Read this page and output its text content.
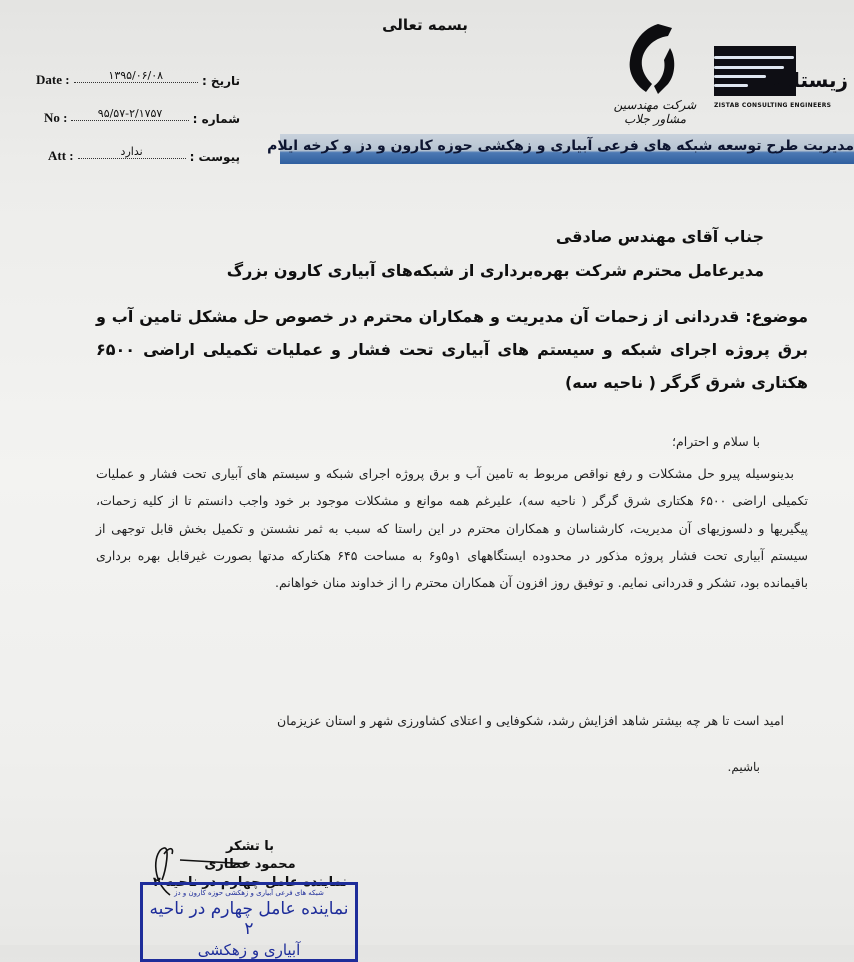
بسمه تعالی
Date :	۱۳۹۵/۰۶/۰۸	تاریخ :
No :	۹۵/۵۷-۲/۱۷۵۷	شماره :
Att :	ندارد	پیوست :
شرکت مهندسین مشاور جلاب
زیستاب
ZISTAB CONSULTING ENGINEERS
مدیریت طرح توسعه شبکه های فرعی آبیاری و زهکشی حوزه کارون و دز و کرخه ایلام
جناب آقای مهندس صادقی
مدیرعامل محترم شرکت بهره‌برداری از شبکه‌های آبیاری کارون بزرگ
موضوع: قدردانی از زحمات آن مدیریت و همکاران محترم در خصوص حل مشکل تامین آب و برق پروژه اجرای شبکه و سیستم های آبیاری تحت فشار و عملیات تکمیلی اراضی ۶۵۰۰ هکتاری شرق گرگر ( ناحیه سه)
با سلام و احترام؛

بدینوسیله پیرو حل مشکلات و رفع نواقص مربوط به تامین آب و برق پروژه اجرای شبکه و سیستم های آبیاری تحت فشار و عملیات تکمیلی اراضی ۶۵۰۰ هکتاری شرق گرگر ( ناحیه سه)، علیرغم همه موانع و مشکلات موجود بر خود واجب دانستم تا از کلیه زحمات، پیگیریها و دلسوزیهای آن مدیریت، کارشناسان و همکاران محترم در این راستا که سبب به ثمر نشستن و تکمیل بخش قابل توجهی از سیستم آبیاری تحت فشار پروژه مذکور در محدوده ایستگاههای ۱و۵و۶ به مساحت ۶۴۵ هکتارکه مدتها بصورت غیرقابل بهره برداری باقیمانده بود، تشکر و قدردانی نمایم. و توفیق روز افزون آن همکاران محترم را از خداوند منان خواهانم.

امید است تا هر چه بیشتر شاهد افزایش رشد، شکوفایی و اعتلای کشاورزی شهر و استان عزیزمان
باشیم.
با تشکر
محمود عطاری
نماینده عامل چهارم در ناحیه ۲
شبکه های فرعی آبیاری و زهکشی حوزه کارون و دز
نماینده عامل چهارم در ناحیه ۲
آبیاری و زهکشی
